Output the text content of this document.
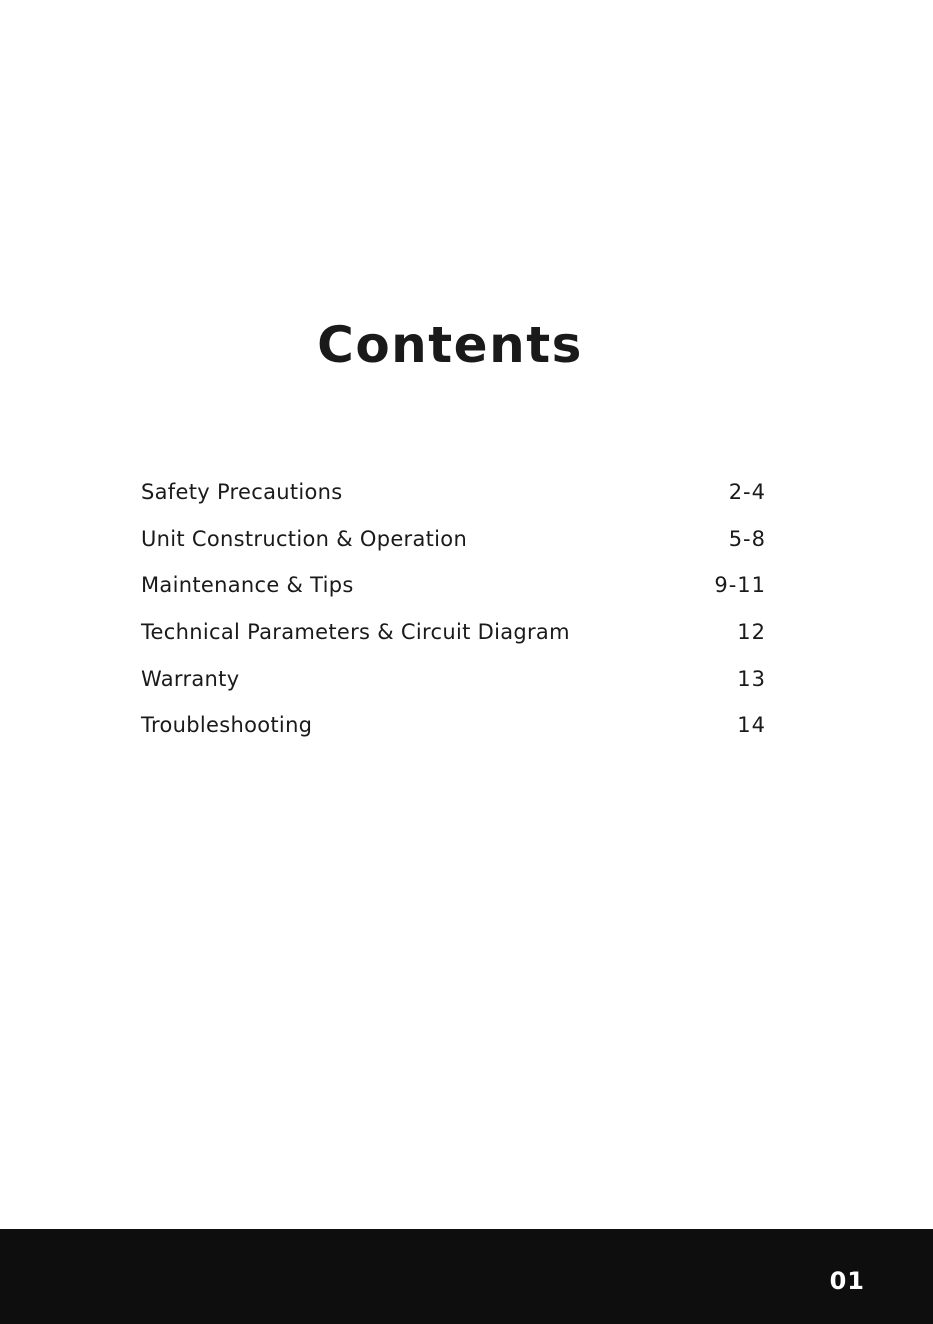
Contents
Safety Precautions	2-4
Unit Construction & Operation	5-8
Maintenance & Tips	9-11
Technical Parameters & Circuit Diagram	12
Warranty	13
Troubleshooting	14
01
